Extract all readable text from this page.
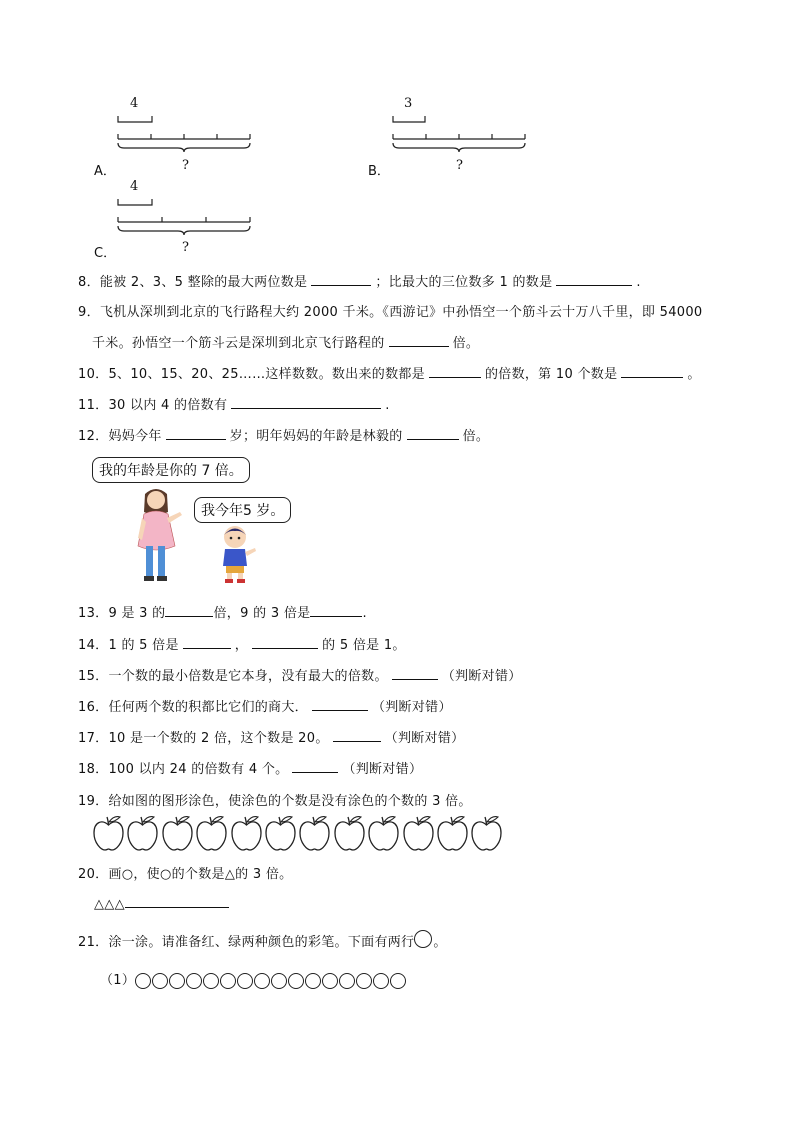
4
A．	?
3
B．	?
4
C．	?
8．能被 2、3、5 整除的最大两位数是	；比最大的三位数多 1 的数是	.
9．飞机从深圳到北京的飞行路程大约 2000 千米。《西游记》中孙悟空一个筋斗云十万八千里，即 54000
千米。孙悟空一个筋斗云是深圳到北京飞行路程的	倍。
10．5、10、15、20、25……这样数数。数出来的数都是	的倍数，第 10 个数是	。
11．30 以内 4 的倍数有	.
12．妈妈今年	岁；明年妈妈的年龄是林毅的	倍。
我的年龄是你的 7 倍。
我今年5 岁。
13．9 是 3 的	倍，9 的 3 倍是	.
14．1 的 5 倍是	，	的 5 倍是 1。
15．一个数的最小倍数是它本身，没有最大的倍数。	（判断对错）
16．任何两个数的积都比它们的商大．	（判断对错）
17．10 是一个数的 2 倍，这个数是 20。	（判断对错）
18．100 以内 24 的倍数有 4 个。	（判断对错）
19．给如图的图形涂色，使涂色的个数是没有涂色的个数的 3 倍。
20．画○，使○的个数是△的 3 倍。
△△△
21．涂一涂。请准备红、绿两种颜色的彩笔。下面有两行 。
（1）
